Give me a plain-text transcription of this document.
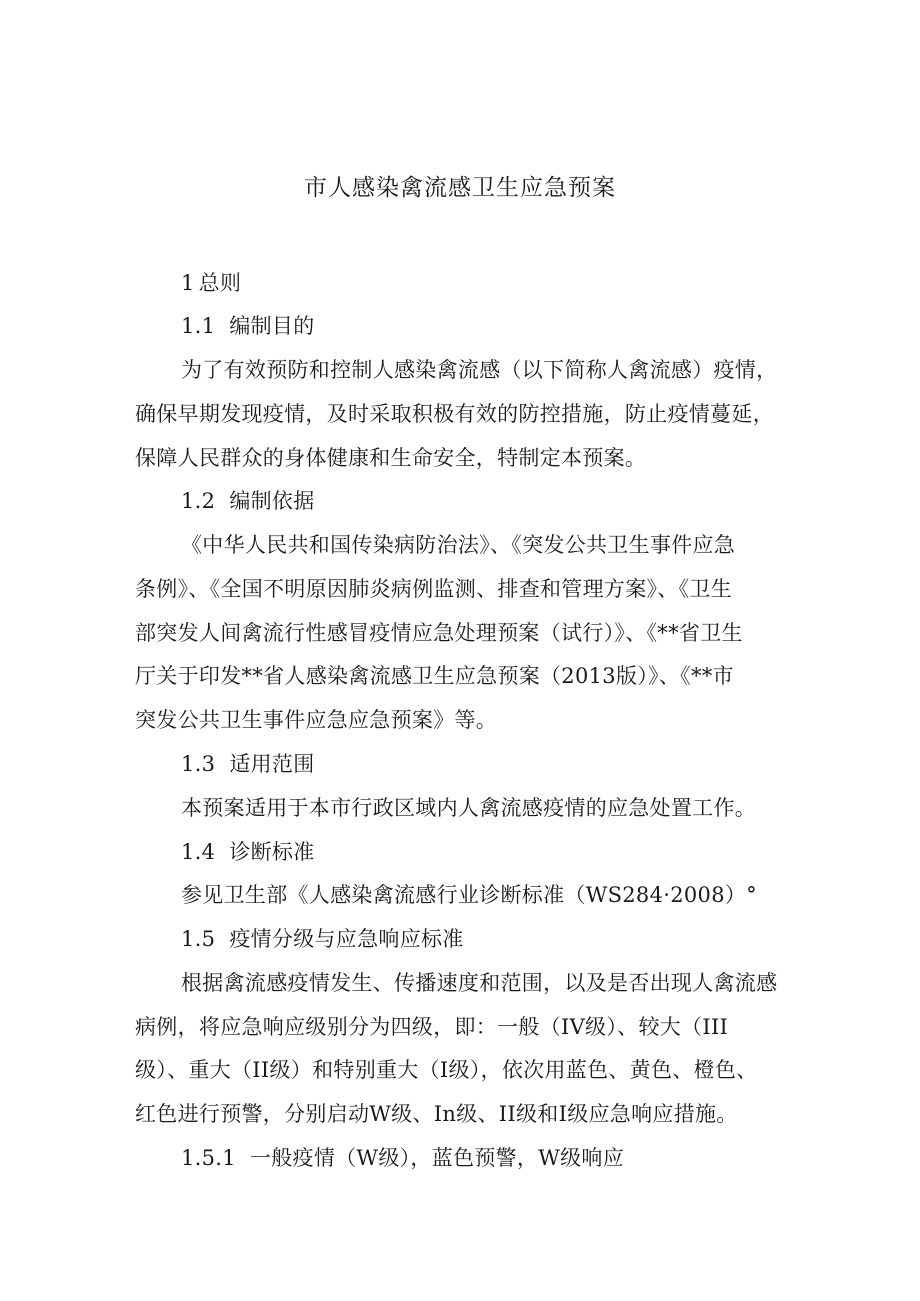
市人感染禽流感卫生应急预案
1 总则
1.1 编制目的
为了有效预防和控制人感染禽流感（以下简称人禽流感）疫情，
确保早期发现疫情，及时采取积极有效的防控措施，防止疫情蔓延，
保障人民群众的身体健康和生命安全，特制定本预案。
1.2 编制依据
《中华人民共和国传染病防治法》、《突发公共卫生事件应急
条例》、《全国不明原因肺炎病例监测、排查和管理方案》、《卫生
部突发人间禽流行性感冒疫情应急处理预案（试行）》、《**省卫生
厅关于印发**省人感染禽流感卫生应急预案（2013版）》、《**市
突发公共卫生事件应急应急预案》等。
1.3 适用范围
本预案适用于本市行政区域内人禽流感疫情的应急处置工作。
1.4 诊断标准
参见卫生部《人感染禽流感行业诊断标准（WS284·2008）°
1.5 疫情分级与应急响应标准
根据禽流感疫情发生、传播速度和范围，以及是否出现人禽流感
病例，将应急响应级别分为四级，即：一般（IV级）、较大（III
级）、重大（II级）和特别重大（I级），依次用蓝色、黄色、橙色、
红色进行预警，分别启动W级、In级、II级和I级应急响应措施。
1.5.1 一般疫情（W级），蓝色预警，W级响应
